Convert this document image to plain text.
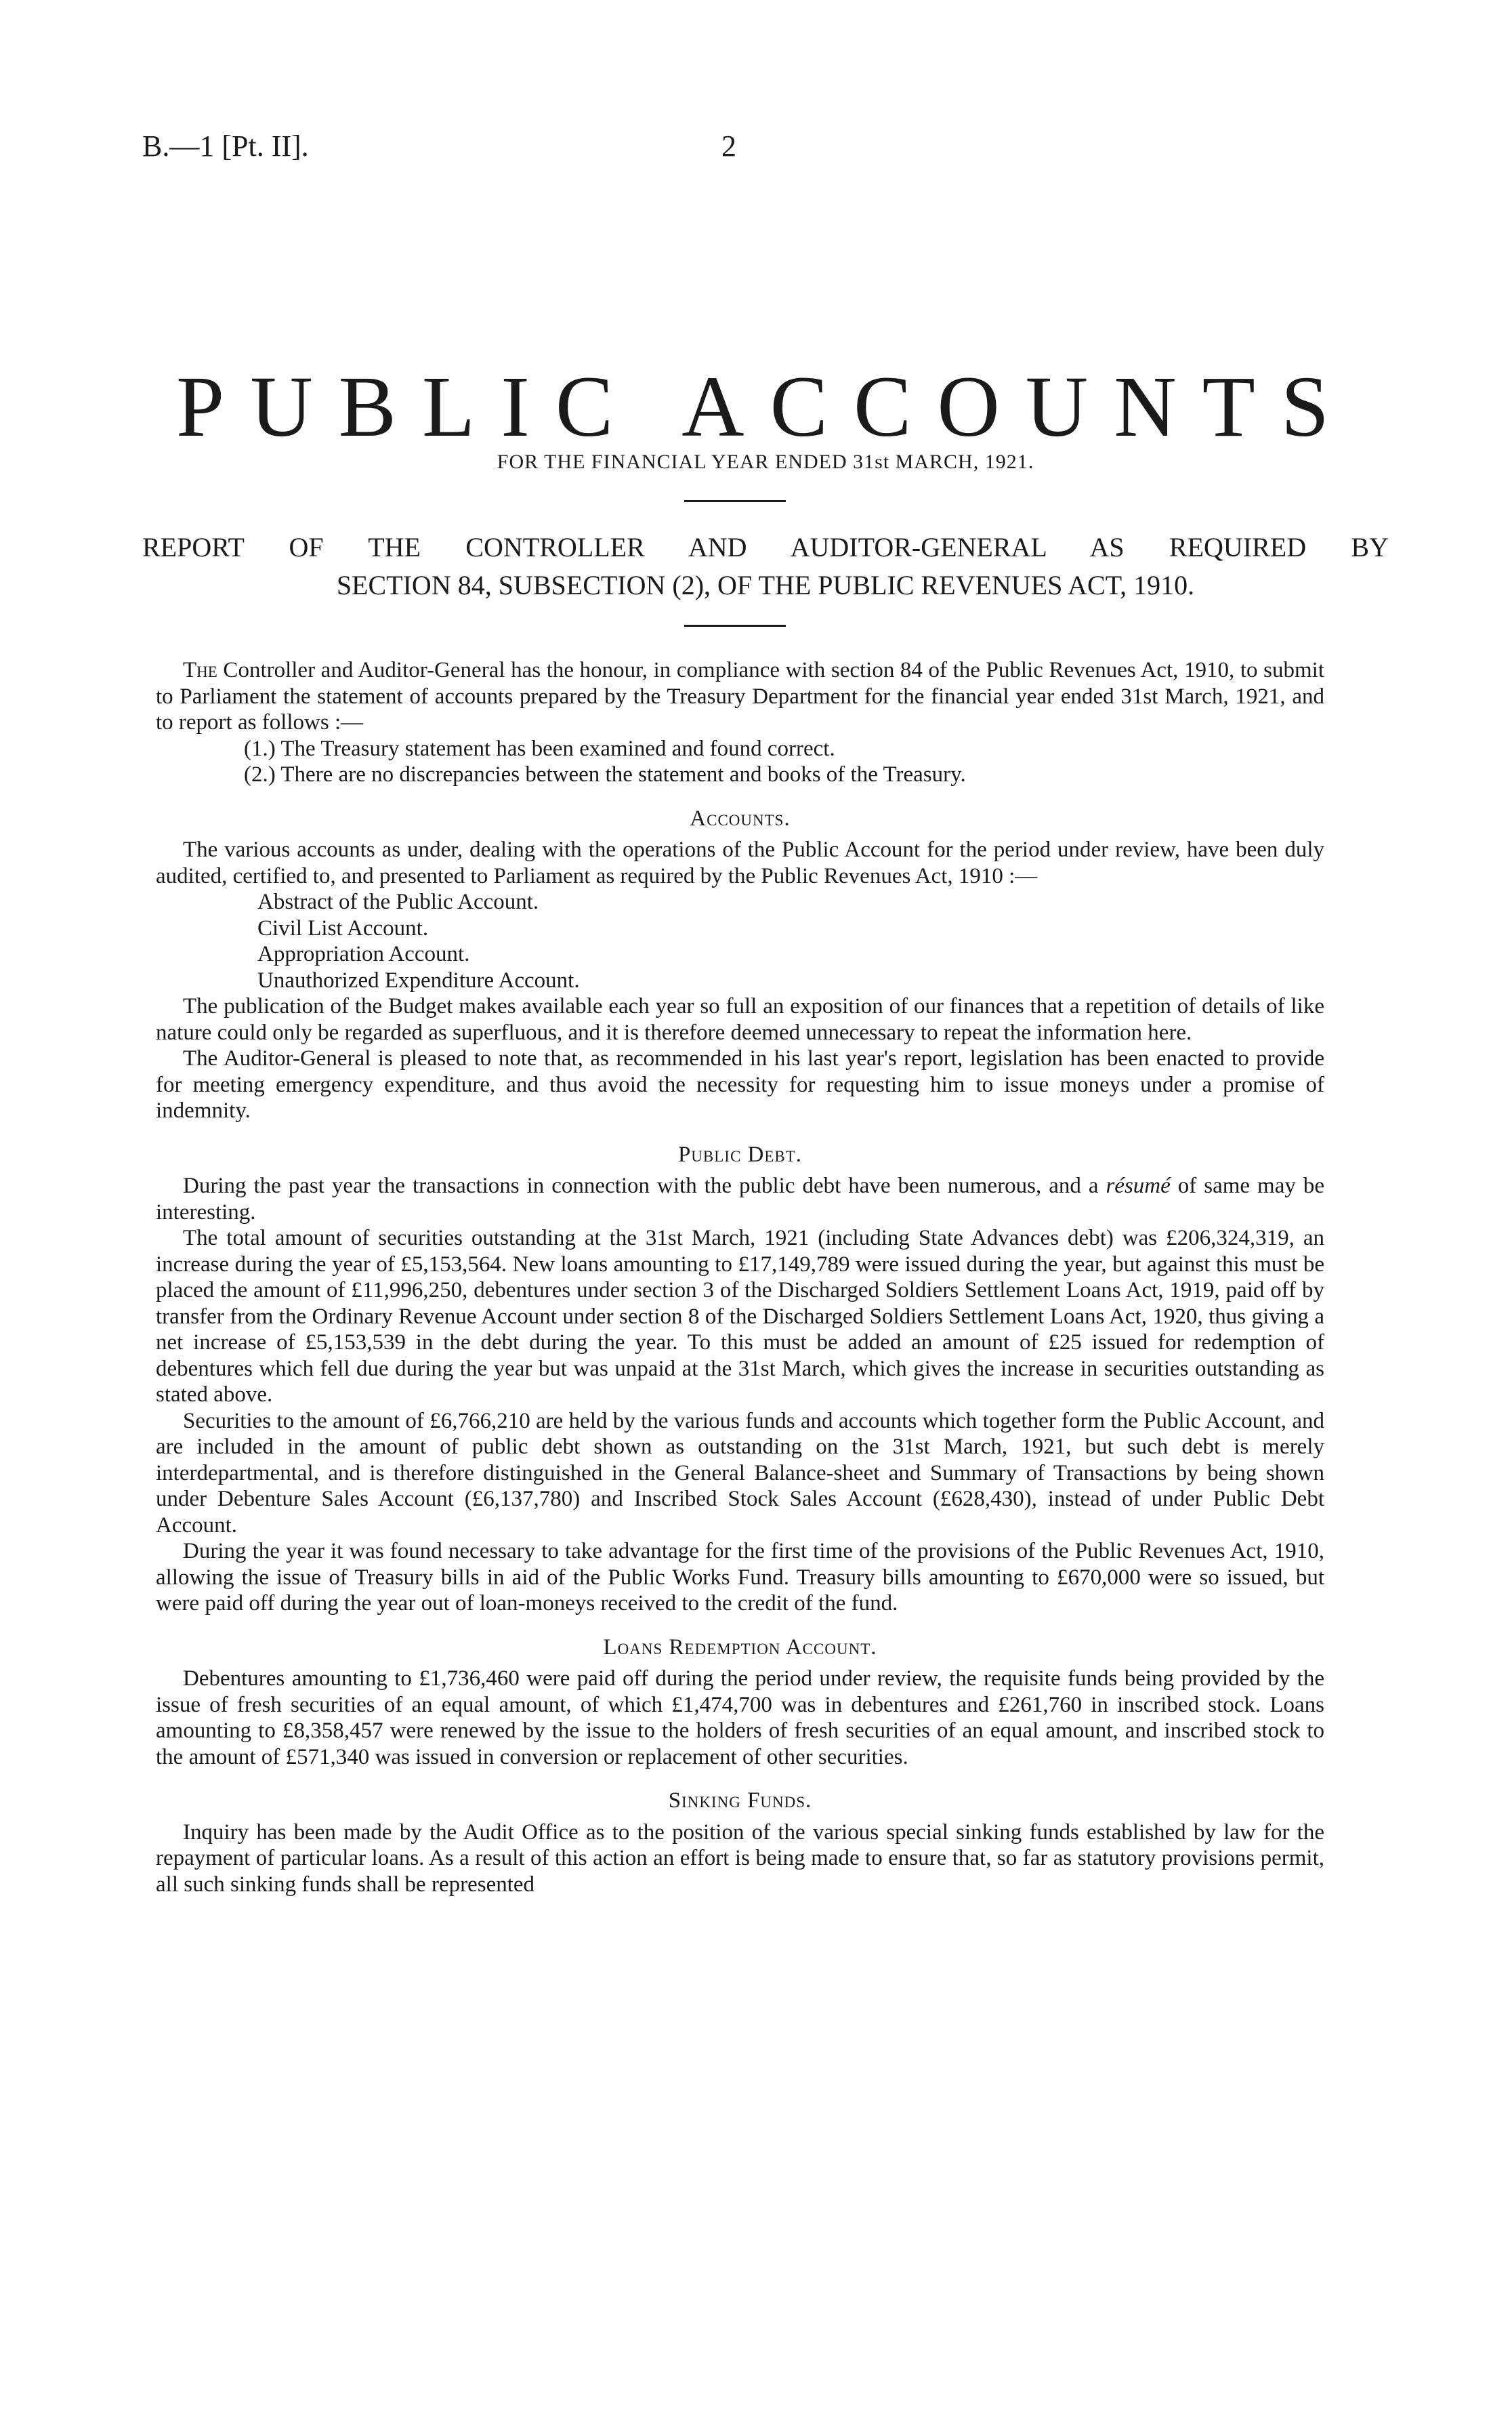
B.—1 [Pt. II].	2
PUBLIC ACCOUNTS
FOR THE FINANCIAL YEAR ENDED 31st MARCH, 1921.
REPORT OF THE CONTROLLER AND AUDITOR-GENERAL AS REQUIRED BY
SECTION 84, SUBSECTION (2), OF THE PUBLIC REVENUES ACT, 1910.

The Controller and Auditor-General has the honour, in compliance with section 84 of the Public Revenues Act, 1910, to submit to Parliament the statement of accounts prepared by the Treasury Department for the financial year ended 31st March, 1921, and to report as follows :—

(1.) The Treasury statement has been examined and found correct.

(2.) There are no discrepancies between the statement and books of the Treasury.

Accounts.

The various accounts as under, dealing with the operations of the Public Account for the period under review, have been duly audited, certified to, and presented to Parliament as required by the Public Revenues Act, 1910 :—

Abstract of the Public Account.

Civil List Account.

Appropriation Account.

Unauthorized Expenditure Account.

The publication of the Budget makes available each year so full an exposition of our finances that a repetition of details of like nature could only be regarded as superfluous, and it is therefore deemed unnecessary to repeat the information here.

The Auditor-General is pleased to note that, as recommended in his last year's report, legislation has been enacted to provide for meeting emergency expenditure, and thus avoid the necessity for requesting him to issue moneys under a promise of indemnity.

Public Debt.

During the past year the transactions in connection with the public debt have been numerous, and a résumé of same may be interesting.

The total amount of securities outstanding at the 31st March, 1921 (including State Advances debt) was £206,324,319, an increase during the year of £5,153,564. New loans amounting to £17,149,789 were issued during the year, but against this must be placed the amount of £11,996,250, debentures under section 3 of the Discharged Soldiers Settlement Loans Act, 1919, paid off by transfer from the Ordinary Revenue Account under section 8 of the Discharged Soldiers Settlement Loans Act, 1920, thus giving a net increase of £5,153,539 in the debt during the year. To this must be added an amount of £25 issued for redemption of debentures which fell due during the year but was unpaid at the 31st March, which gives the increase in securities outstanding as stated above.

Securities to the amount of £6,766,210 are held by the various funds and accounts which together form the Public Account, and are included in the amount of public debt shown as outstanding on the 31st March, 1921, but such debt is merely interdepartmental, and is therefore distinguished in the General Balance-sheet and Summary of Transactions by being shown under Debenture Sales Account (£6,137,780) and Inscribed Stock Sales Account (£628,430), instead of under Public Debt Account.

During the year it was found necessary to take advantage for the first time of the provisions of the Public Revenues Act, 1910, allowing the issue of Treasury bills in aid of the Public Works Fund. Treasury bills amounting to £670,000 were so issued, but were paid off during the year out of loan-moneys received to the credit of the fund.

Loans Redemption Account.

Debentures amounting to £1,736,460 were paid off during the period under review, the requisite funds being provided by the issue of fresh securities of an equal amount, of which £1,474,700 was in debentures and £261,760 in inscribed stock. Loans amounting to £8,358,457 were renewed by the issue to the holders of fresh securities of an equal amount, and inscribed stock to the amount of £571,340 was issued in conversion or replacement of other securities.

Sinking Funds.

Inquiry has been made by the Audit Office as to the position of the various special sinking funds established by law for the repayment of particular loans. As a result of this action an effort is being made to ensure that, so far as statutory provisions permit, all such sinking funds shall be represented
